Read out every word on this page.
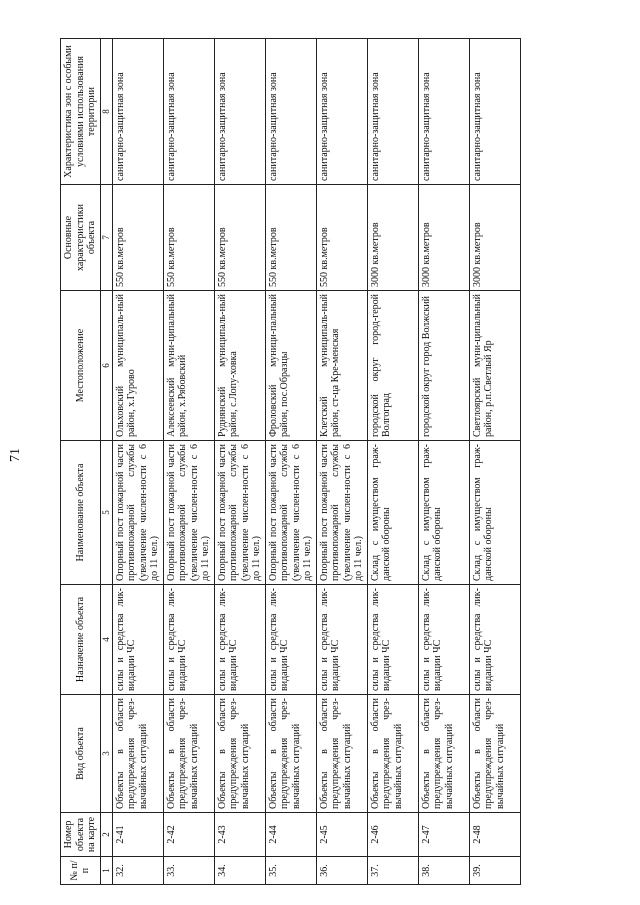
71
№ п/п	Номер объекта на карте	Вид объекта	Назначение объекта	Наименование объекта	Местоположение	Основные характеристики объекта	Характеристика зон с особыми условиями использования территории
1	2	3	4	5	6	7	8
32.	2-41	Объекты в области предупреждения чрез-вычайных ситуаций	силы и средства лик-видации ЧС	Опорный пост пожарной части противопожарной службы (увеличение числен-ности с 6 до 11 чел.)	Ольховский муниципаль-ный район, х.Гурово	550 кв.метров	санитарно-защитная зона
33.	2-42	Объекты в области предупреждения чрез-вычайных ситуаций	силы и средства лик-видации ЧС	Опорный пост пожарной части противопожарной службы (увеличение числен-ности с 6 до 11 чел.)	Алексеевский муни-ципальный район, х.Рябовский	550 кв.метров	санитарно-защитная зона
34.	2-43	Объекты в области предупреждения чрез-вычайных ситуаций	силы и средства лик-видации ЧС	Опорный пост пожарной части противопожарной службы (увеличение числен-ности с 6 до 11 чел.)	Руднянский муниципаль-ный район, с.Лопу-ховка	550 кв.метров	санитарно-защитная зона
35.	2-44	Объекты в области предупреждения чрез-вычайных ситуаций	силы и средства лик-видации ЧС	Опорный пост пожарной части противопожарной службы (увеличение числен-ности с 6 до 11 чел.)	Фроловский муници-пальный район, пос.Образцы	550 кв.метров	санитарно-защитная зона
36.	2-45	Объекты в области предупреждения чрез-вычайных ситуаций	силы и средства лик-видации ЧС	Опорный пост пожарной части противопожарной службы (увеличение числен-ности с 6 до 11 чел.)	Клетский муниципаль-ный район, ст-ца Кре-менская	550 кв.метров	санитарно-защитная зона
37.	2-46	Объекты в области предупреждения чрез-вычайных ситуаций	силы и средства лик-видации ЧС	Склад с имуществом граж-данской обороны	городской округ город-герой Волгоград	3000 кв.метров	санитарно-защитная зона
38.	2-47	Объекты в области предупреждения чрез-вычайных ситуаций	силы и средства лик-видации ЧС	Склад с имуществом граж-данской обороны	городской округ город Волжский	3000 кв.метров	санитарно-защитная зона
39.	2-48	Объекты в области предупреждения чрез-вычайных ситуаций	силы и средства лик-видации ЧС	Склад с имуществом граж-данской обороны	Светлоярский муни-ципальный район, р.п.Светлый Яр	3000 кв.метров	санитарно-защитная зона
